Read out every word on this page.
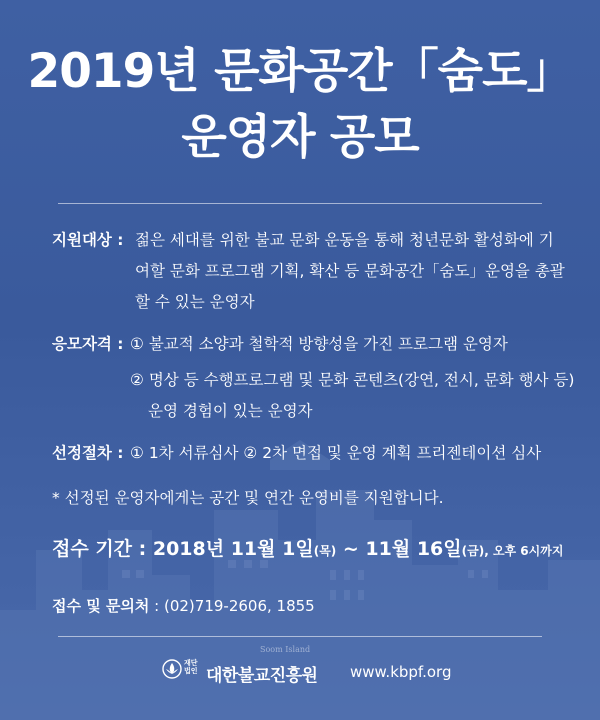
Soom Island
2019년 문화공간「숨도」
운영자 공모
지원대상 : 젊은 세대를 위한 불교 문화 운동을 통해 청년문화 활성화에 기
여할 문화 프로그램 기획, 확산 등 문화공간「숨도」운영을 총괄
할 수 있는 운영자
응모자격 : ① 불교적 소양과 철학적 방향성을 가진 프로그램 운영자
② 명상 등 수행프로그램 및 문화 콘텐츠(강연, 전시, 문화 행사 등)
운영 경험이 있는 운영자
선정절차 : ① 1차 서류심사 ② 2차 면접 및 운영 계획 프리젠테이션 심사
* 선정된 운영자에게는 공간 및 연간 운영비를 지원합니다.
접수 기간 : 2018년 11월 1일(목) ~ 11월 16일(금), 오후 6시까지
접수 및 문의처 : (02)719-2606, 1855
재단
법인 대한불교진흥원 www.kbpf.org
